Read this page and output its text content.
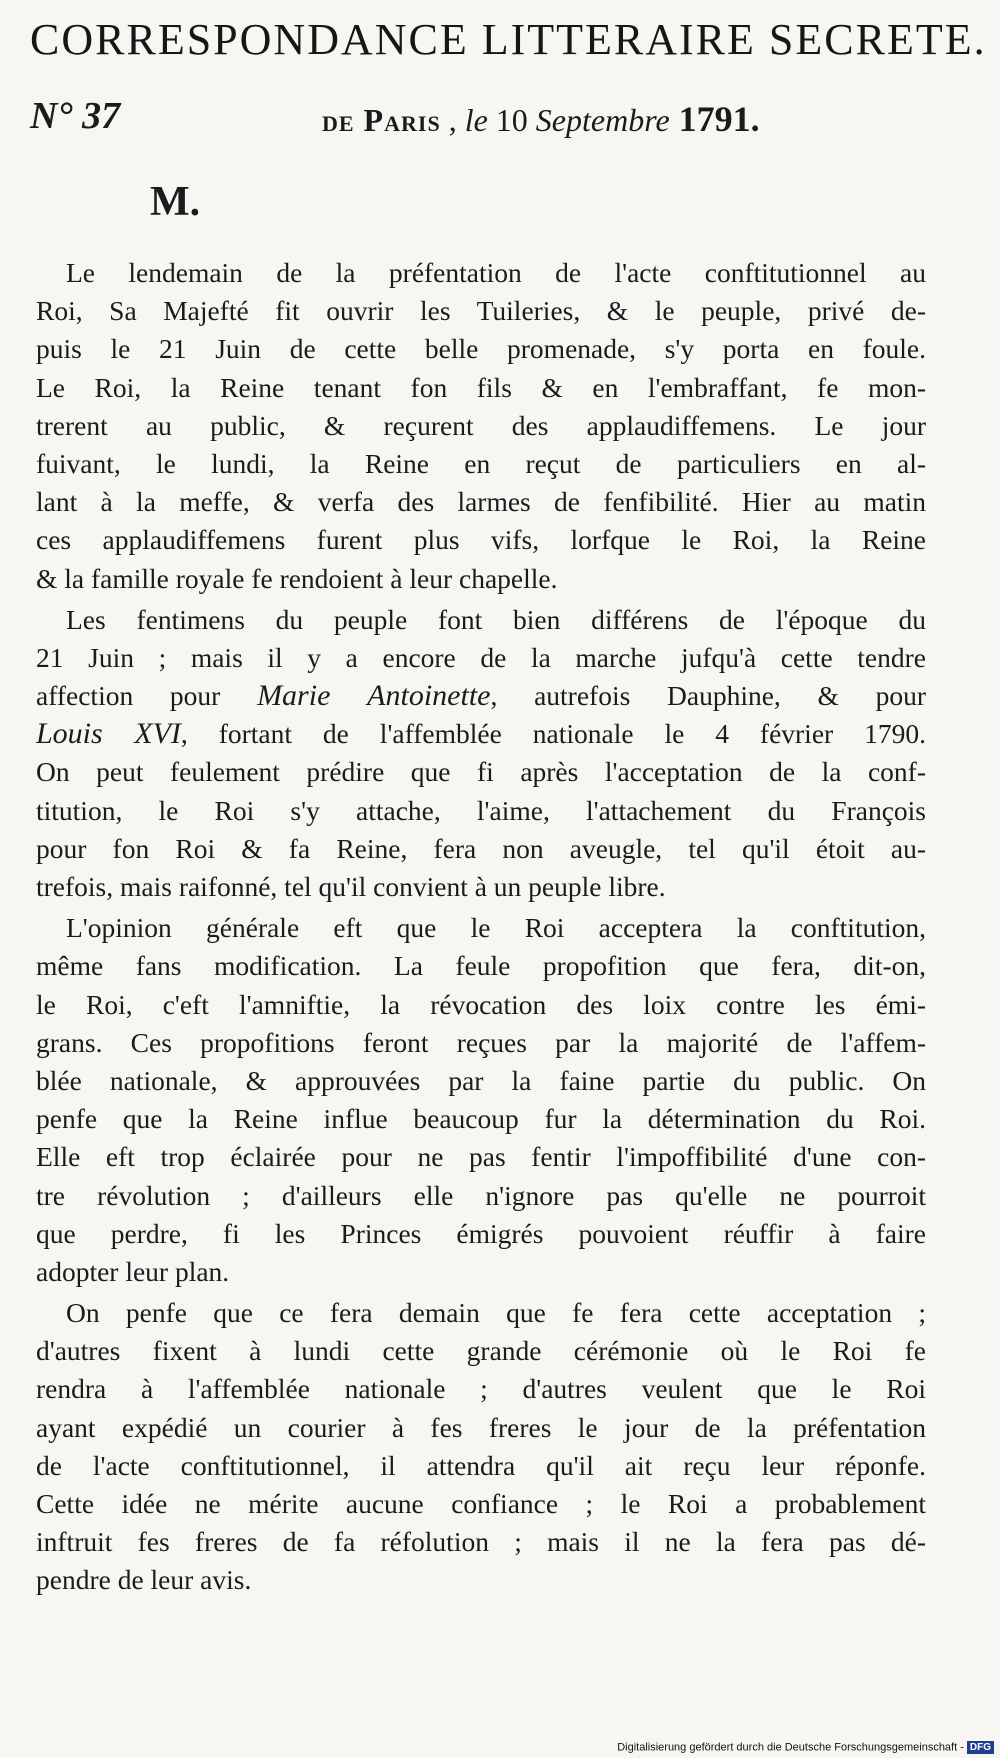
CORRESPONDANCE LITTERAIRE SECRETE.
N° 37	de Paris , le 10 Septembre 1791.
M.
Le lendemain de la préfentation de l'acte conftitutionnel au
Roi, Sa Majefté fit ouvrir les Tuileries, & le peuple, privé de-
puis le 21 Juin de cette belle promenade, s'y porta en foule.
Le Roi, la Reine tenant fon fils & en l'embraffant, fe mon-
trerent au public, & reçurent des applaudiffemens. Le jour
fuivant, le lundi, la Reine en reçut de particuliers en al-
lant à la meffe, & verfa des larmes de fenfibilité. Hier au matin
ces applaudiffemens furent plus vifs, lorfque le Roi, la Reine
& la famille royale fe rendoient à leur chapelle.
Les fentimens du peuple font bien différens de l'époque du
21 Juin ; mais il y a encore de la marche jufqu'à cette tendre
affection pour Marie Antoinette, autrefois Dauphine, & pour
Louis XVI, fortant de l'affemblée nationale le 4 février 1790.
On peut feulement prédire que fi après l'acceptation de la conf-
titution, le Roi s'y attache, l'aime, l'attachement du François
pour fon Roi & fa Reine, fera non aveugle, tel qu'il étoit au-
trefois, mais raifonné, tel qu'il convient à un peuple libre.
L'opinion générale eft que le Roi acceptera la conftitution,
même fans modification. La feule propofition que fera, dit-on,
le Roi, c'eft l'amniftie, la révocation des loix contre les émi-
grans. Ces propofitions feront reçues par la majorité de l'affem-
blée nationale, & approuvées par la faine partie du public. On
penfe que la Reine influe beaucoup fur la détermination du Roi.
Elle eft trop éclairée pour ne pas fentir l'impoffibilité d'une con-
tre révolution ; d'ailleurs elle n'ignore pas qu'elle ne pourroit
que perdre, fi les Princes émigrés pouvoient réuffir à faire
adopter leur plan.
On penfe que ce fera demain que fe fera cette acceptation ;
d'autres fixent à lundi cette grande cérémonie où le Roi fe
rendra à l'affemblée nationale ; d'autres veulent que le Roi
ayant expédié un courier à fes freres le jour de la préfentation
de l'acte conftitutionnel, il attendra qu'il ait reçu leur réponfe.
Cette idée ne mérite aucune confiance ; le Roi a probablement
inftruit fes freres de fa réfolution ; mais il ne la fera pas dé-
pendre de leur avis.
Digitalisierung gefördert durch die Deutsche Forschungsgemeinschaft - DFG
